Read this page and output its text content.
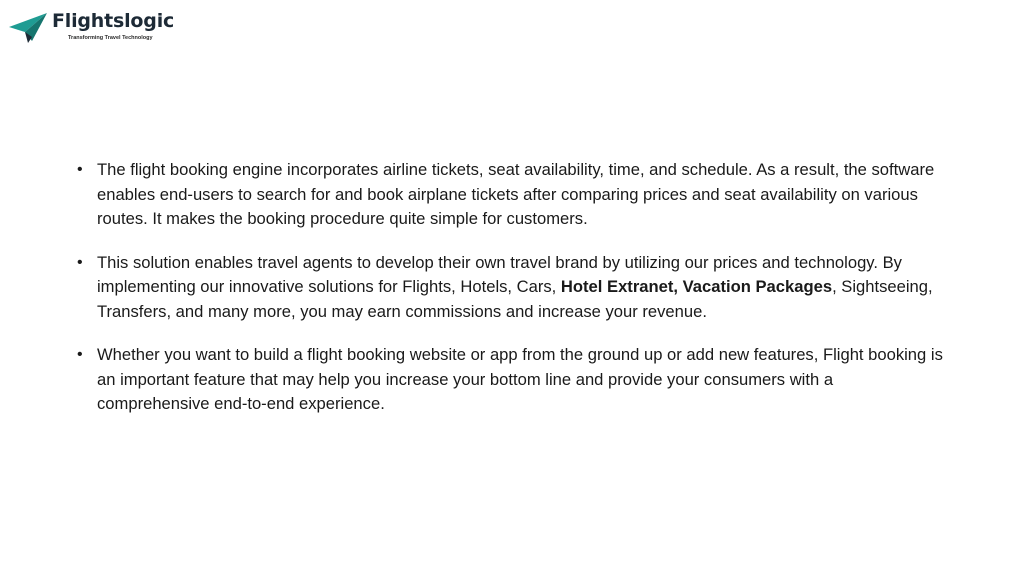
Flightslogic
Transforming Travel Technology
• The flight booking engine incorporates airline tickets, seat availability, time, and schedule. As a result, the software enables end-users to search for and book airplane tickets after comparing prices and seat availability on various routes. It makes the booking procedure quite simple for customers.
• This solution enables travel agents to develop their own travel brand by utilizing our prices and technology. By implementing our innovative solutions for Flights, Hotels, Cars, Hotel Extranet, Vacation Packages, Sightseeing, Transfers, and many more, you may earn commissions and increase your revenue.
• Whether you want to build a flight booking website or app from the ground up or add new features, Flight booking is an important feature that may help you increase your bottom line and provide your consumers with a comprehensive end-to-end experience.
